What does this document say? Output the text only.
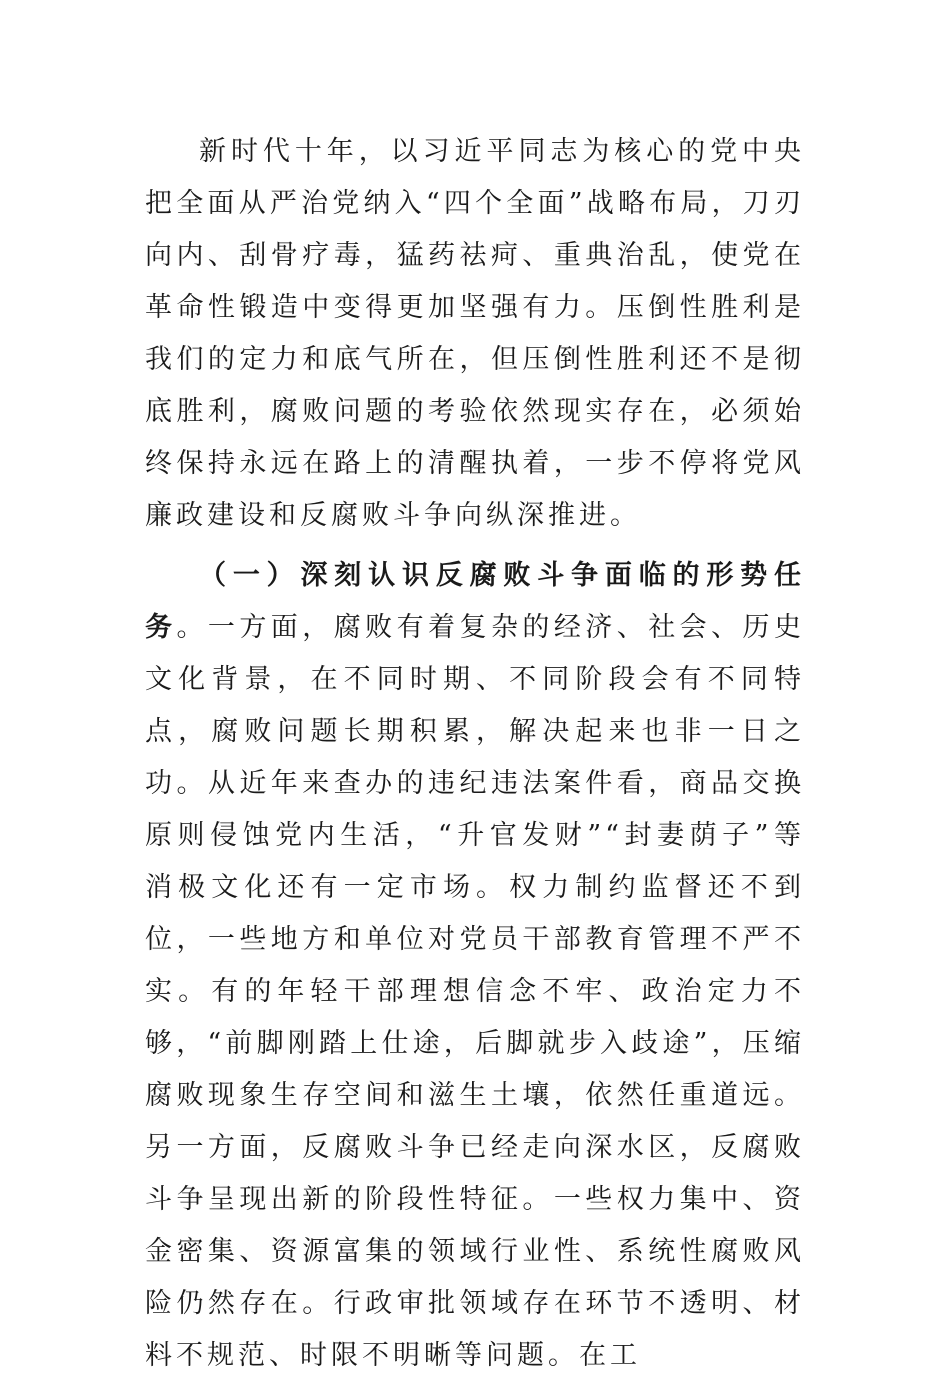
新时代十年，以习近平同志为核心的党中央把全面从严治党纳入“四个全面”战略布局，刀刃向内、刮骨疗毒，猛药祛疴、重典治乱，使党在革命性锻造中变得更加坚强有力。压倒性胜利是我们的定力和底气所在，但压倒性胜利还不是彻底胜利，腐败问题的考验依然现实存在，必须始终保持永远在路上的清醒执着，一步不停将党风廉政建设和反腐败斗争向纵深推进。

（一）深刻认识反腐败斗争面临的形势任务。一方面，腐败有着复杂的经济、社会、历史文化背景，在不同时期、不同阶段会有不同特点，腐败问题长期积累，解决起来也非一日之功。从近年来查办的违纪违法案件看，商品交换原则侵蚀党内生活，“升官发财”“封妻荫子”等消极文化还有一定市场。权力制约监督还不到位，一些地方和单位对党员干部教育管理不严不实。有的年轻干部理想信念不牢、政治定力不够，“前脚刚踏上仕途，后脚就步入歧途”，压缩腐败现象生存空间和滋生土壤，依然任重道远。另一方面，反腐败斗争已经走向深水区，反腐败斗争呈现出新的阶段性特征。一些权力集中、资金密集、资源富集的领域行业性、系统性腐败风险仍然存在。行政审批领域存在环节不透明、材料不规范、时限不明晰等问题。在工
